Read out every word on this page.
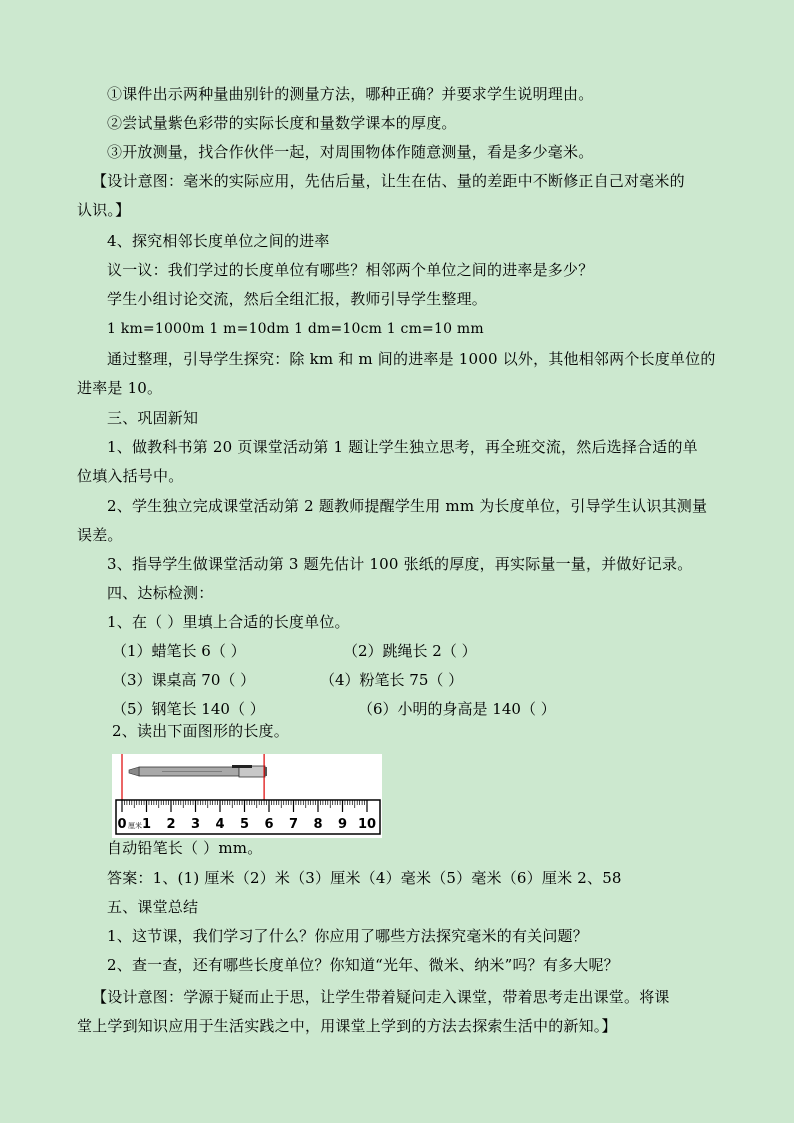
①课件出示两种量曲别针的测量方法，哪种正确？并要求学生说明理由。
②尝试量紫色彩带的实际长度和量数学课本的厚度。
③开放测量，找合作伙伴一起，对周围物体作随意测量，看是多少毫米。
【设计意图：毫米的实际应用，先估后量，让生在估、量的差距中不断修正自己对毫米的
认识。】
4、探究相邻长度单位之间的进率
议一议：我们学过的长度单位有哪些？相邻两个单位之间的进率是多少？
学生小组讨论交流，然后全组汇报，教师引导学生整理。
1 km=1000m 1 m=10dm 1 dm=10cm 1 cm=10 mm
通过整理，引导学生探究：除 km 和 m 间的进率是 1000 以外，其他相邻两个长度单位的
进率是 10。
三、巩固新知
1、做教科书第 20 页课堂活动第 1 题让学生独立思考，再全班交流，然后选择合适的单
位填入括号中。
2、学生独立完成课堂活动第 2 题教师提醒学生用 mm 为长度单位，引导学生认识其测量
误差。
3、指导学生做课堂活动第 3 题先估计 100 张纸的厚度，再实际量一量，并做好记录。
四、达标检测：
1、在（ ）里填上合适的长度单位。
（1）蜡笔长 6（ ）	（2）跳绳长 2（ ）
（3）课桌高 70（ ）	（4）粉笔长 75（ ）
（5）钢笔长 140（ ）	（6）小明的身高是 140（ ）
2、读出下面图形的长度。
0 1 2 3 4 5 6 7 8 9 10
厘米
自动铅笔长（ ）mm。
答案：1、(1) 厘米（2）米（3）厘米（4）毫米（5）毫米（6）厘米 2、58
五、课堂总结
1、这节课，我们学习了什么？你应用了哪些方法探究毫米的有关问题？
2、查一查，还有哪些长度单位？你知道“光年、微米、纳米”吗？有多大呢？
【设计意图：学源于疑而止于思，让学生带着疑问走入课堂，带着思考走出课堂。将课
堂上学到知识应用于生活实践之中，用课堂上学到的方法去探索生活中的新知。】
